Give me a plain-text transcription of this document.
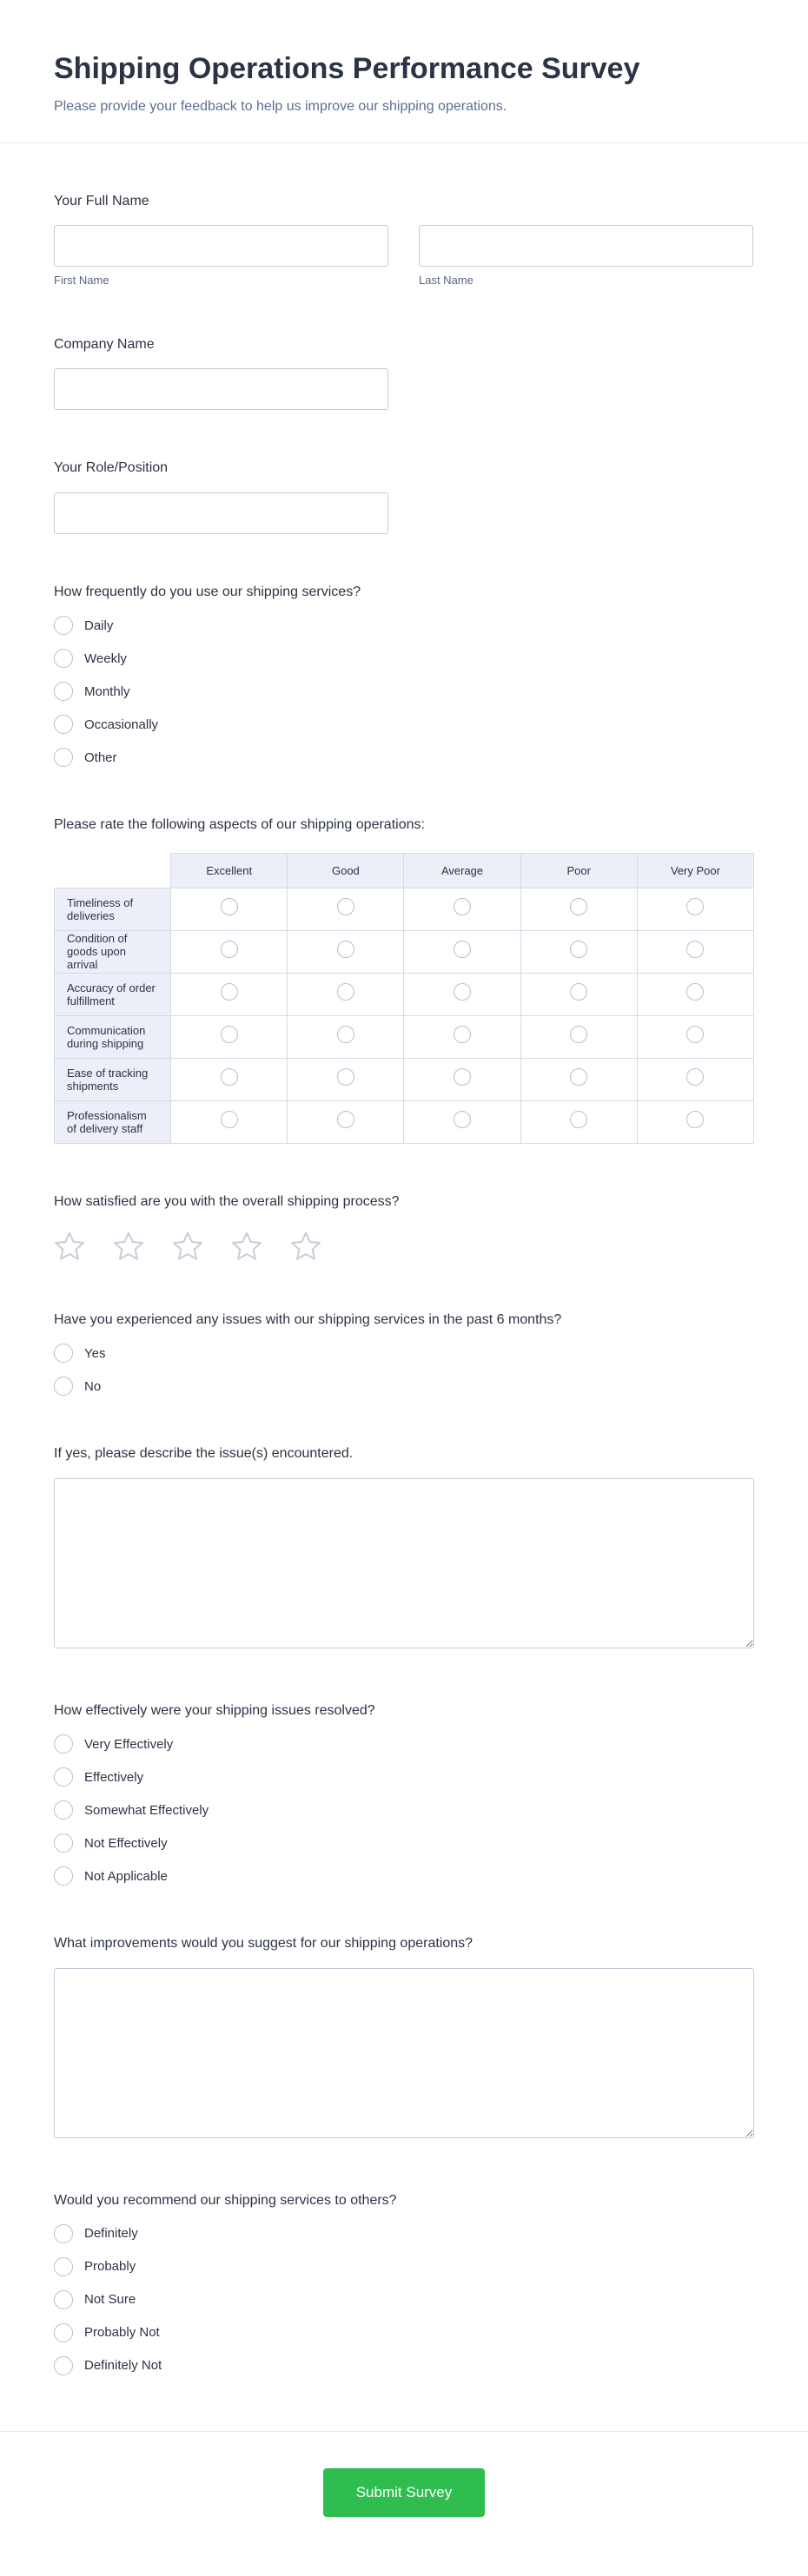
Shipping Operations Performance Survey
Please provide your feedback to help us improve our shipping operations.
Your Full Name
First Name	Last Name
Company Name
Your Role/Position
How frequently do you use our shipping services?
Daily
Weekly
Monthly
Occasionally
Other
Please rate the following aspects of our shipping operations:
	Excellent	Good	Average	Poor	Very Poor
Timeliness of deliveries					
Condition of goods upon arrival					
Accuracy of order fulfillment					
Communication during shipping					
Ease of tracking shipments					
Professionalism of delivery staff					
How satisfied are you with the overall shipping process?
Have you experienced any issues with our shipping services in the past 6 months?
Yes
No
If yes, please describe the issue(s) encountered.
How effectively were your shipping issues resolved?
Very Effectively
Effectively
Somewhat Effectively
Not Effectively
Not Applicable
What improvements would you suggest for our shipping operations?
Would you recommend our shipping services to others?
Definitely
Probably
Not Sure
Probably Not
Definitely Not
Submit Survey
